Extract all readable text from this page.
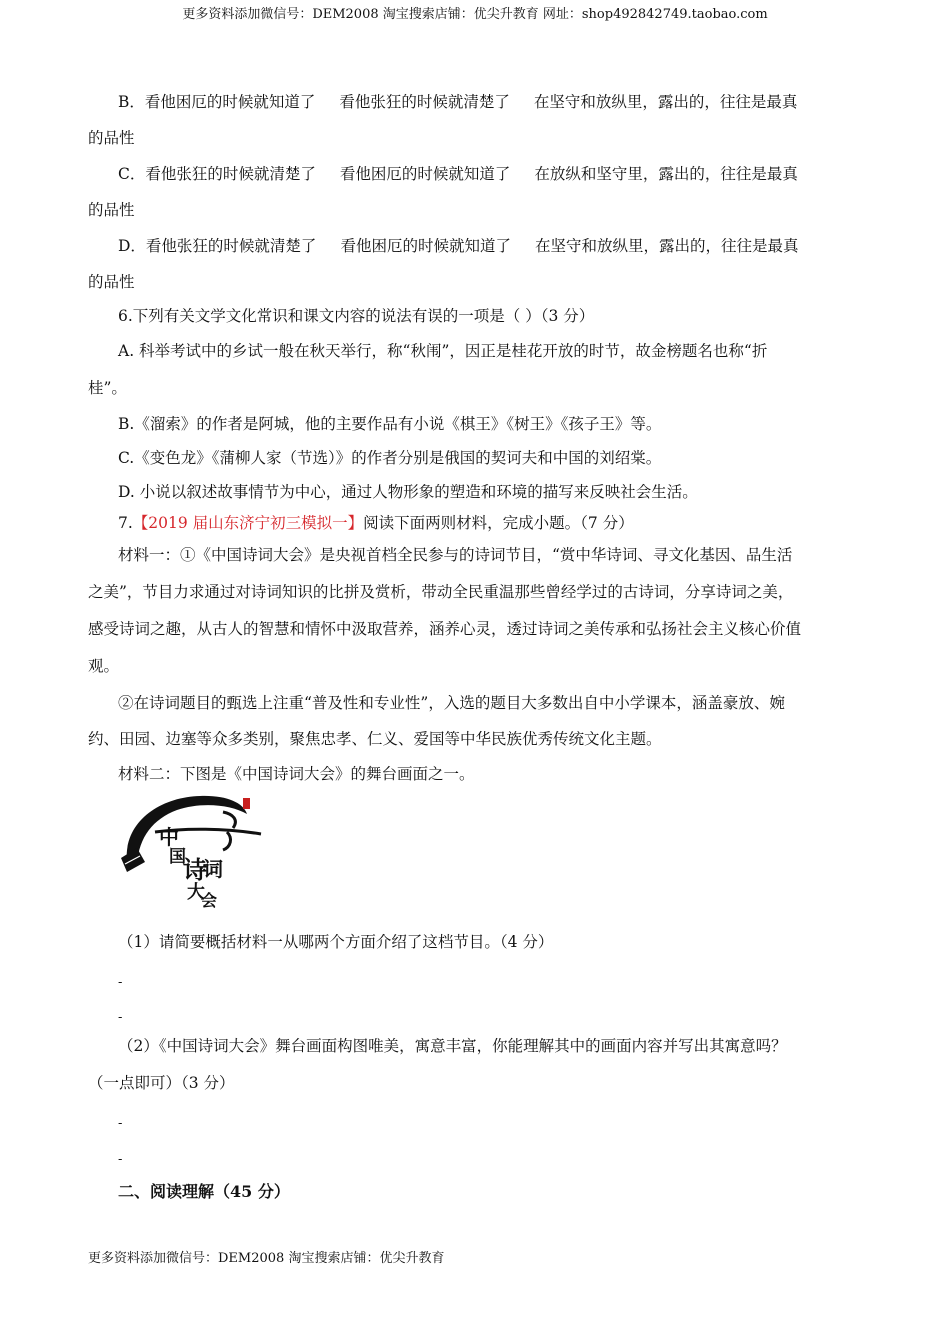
更多资料添加微信号：DEM2008 淘宝搜索店铺：优尖升教育 网址：shop492842749.taobao.com
B．看他困厄的时候就知道了 看他张狂的时候就清楚了 在坚守和放纵里，露出的，往往是最真
的品性
C．看他张狂的时候就清楚了 看他困厄的时候就知道了 在放纵和坚守里，露出的，往往是最真
的品性
D．看他张狂的时候就清楚了 看他困厄的时候就知道了 在坚守和放纵里，露出的，往往是最真
的品性
6.下列有关文学文化常识和课文内容的说法有误的一项是（ ）（3 分）
A. 科举考试中的乡试一般在秋天举行，称“秋闱”，因正是桂花开放的时节，故金榜题名也称“折
桂”。
B.《溜索》的作者是阿城，他的主要作品有小说《棋王》《树王》《孩子王》等。
C.《变色龙》《蒲柳人家（节选）》的作者分别是俄国的契诃夫和中国的刘绍棠。
D. 小说以叙述故事情节为中心，通过人物形象的塑造和环境的描写来反映社会生活。
7.【2019 届山东济宁初三模拟一】阅读下面两则材料，完成小题。（7 分）
材料一：①《中国诗词大会》是央视首档全民参与的诗词节目，“赏中华诗词、寻文化基因、品生活
之美”，节目力求通过对诗词知识的比拼及赏析，带动全民重温那些曾经学过的古诗词，分享诗词之美，
感受诗词之趣，从古人的智慧和情怀中汲取营养，涵养心灵，透过诗词之美传承和弘扬社会主义核心价值
观。
②在诗词题目的甄选上注重“普及性和专业性”，入选的题目大多数出自中小学课本，涵盖豪放、婉
约、田园、边塞等众多类别，聚焦忠孝、仁义、爱国等中华民族优秀传统文化主题。
材料二：下图是《中国诗词大会》的舞台画面之一。
中
国
诗
词
大
会
（1）请简要概括材料一从哪两个方面介绍了这档节目。（4 分）
-
-
（2）《中国诗词大会》舞台画面构图唯美，寓意丰富，你能理解其中的画面内容并写出其寓意吗？
（一点即可）（3 分）
-
-
二、阅读理解（45 分）
更多资料添加微信号：DEM2008 淘宝搜索店铺：优尖升教育
